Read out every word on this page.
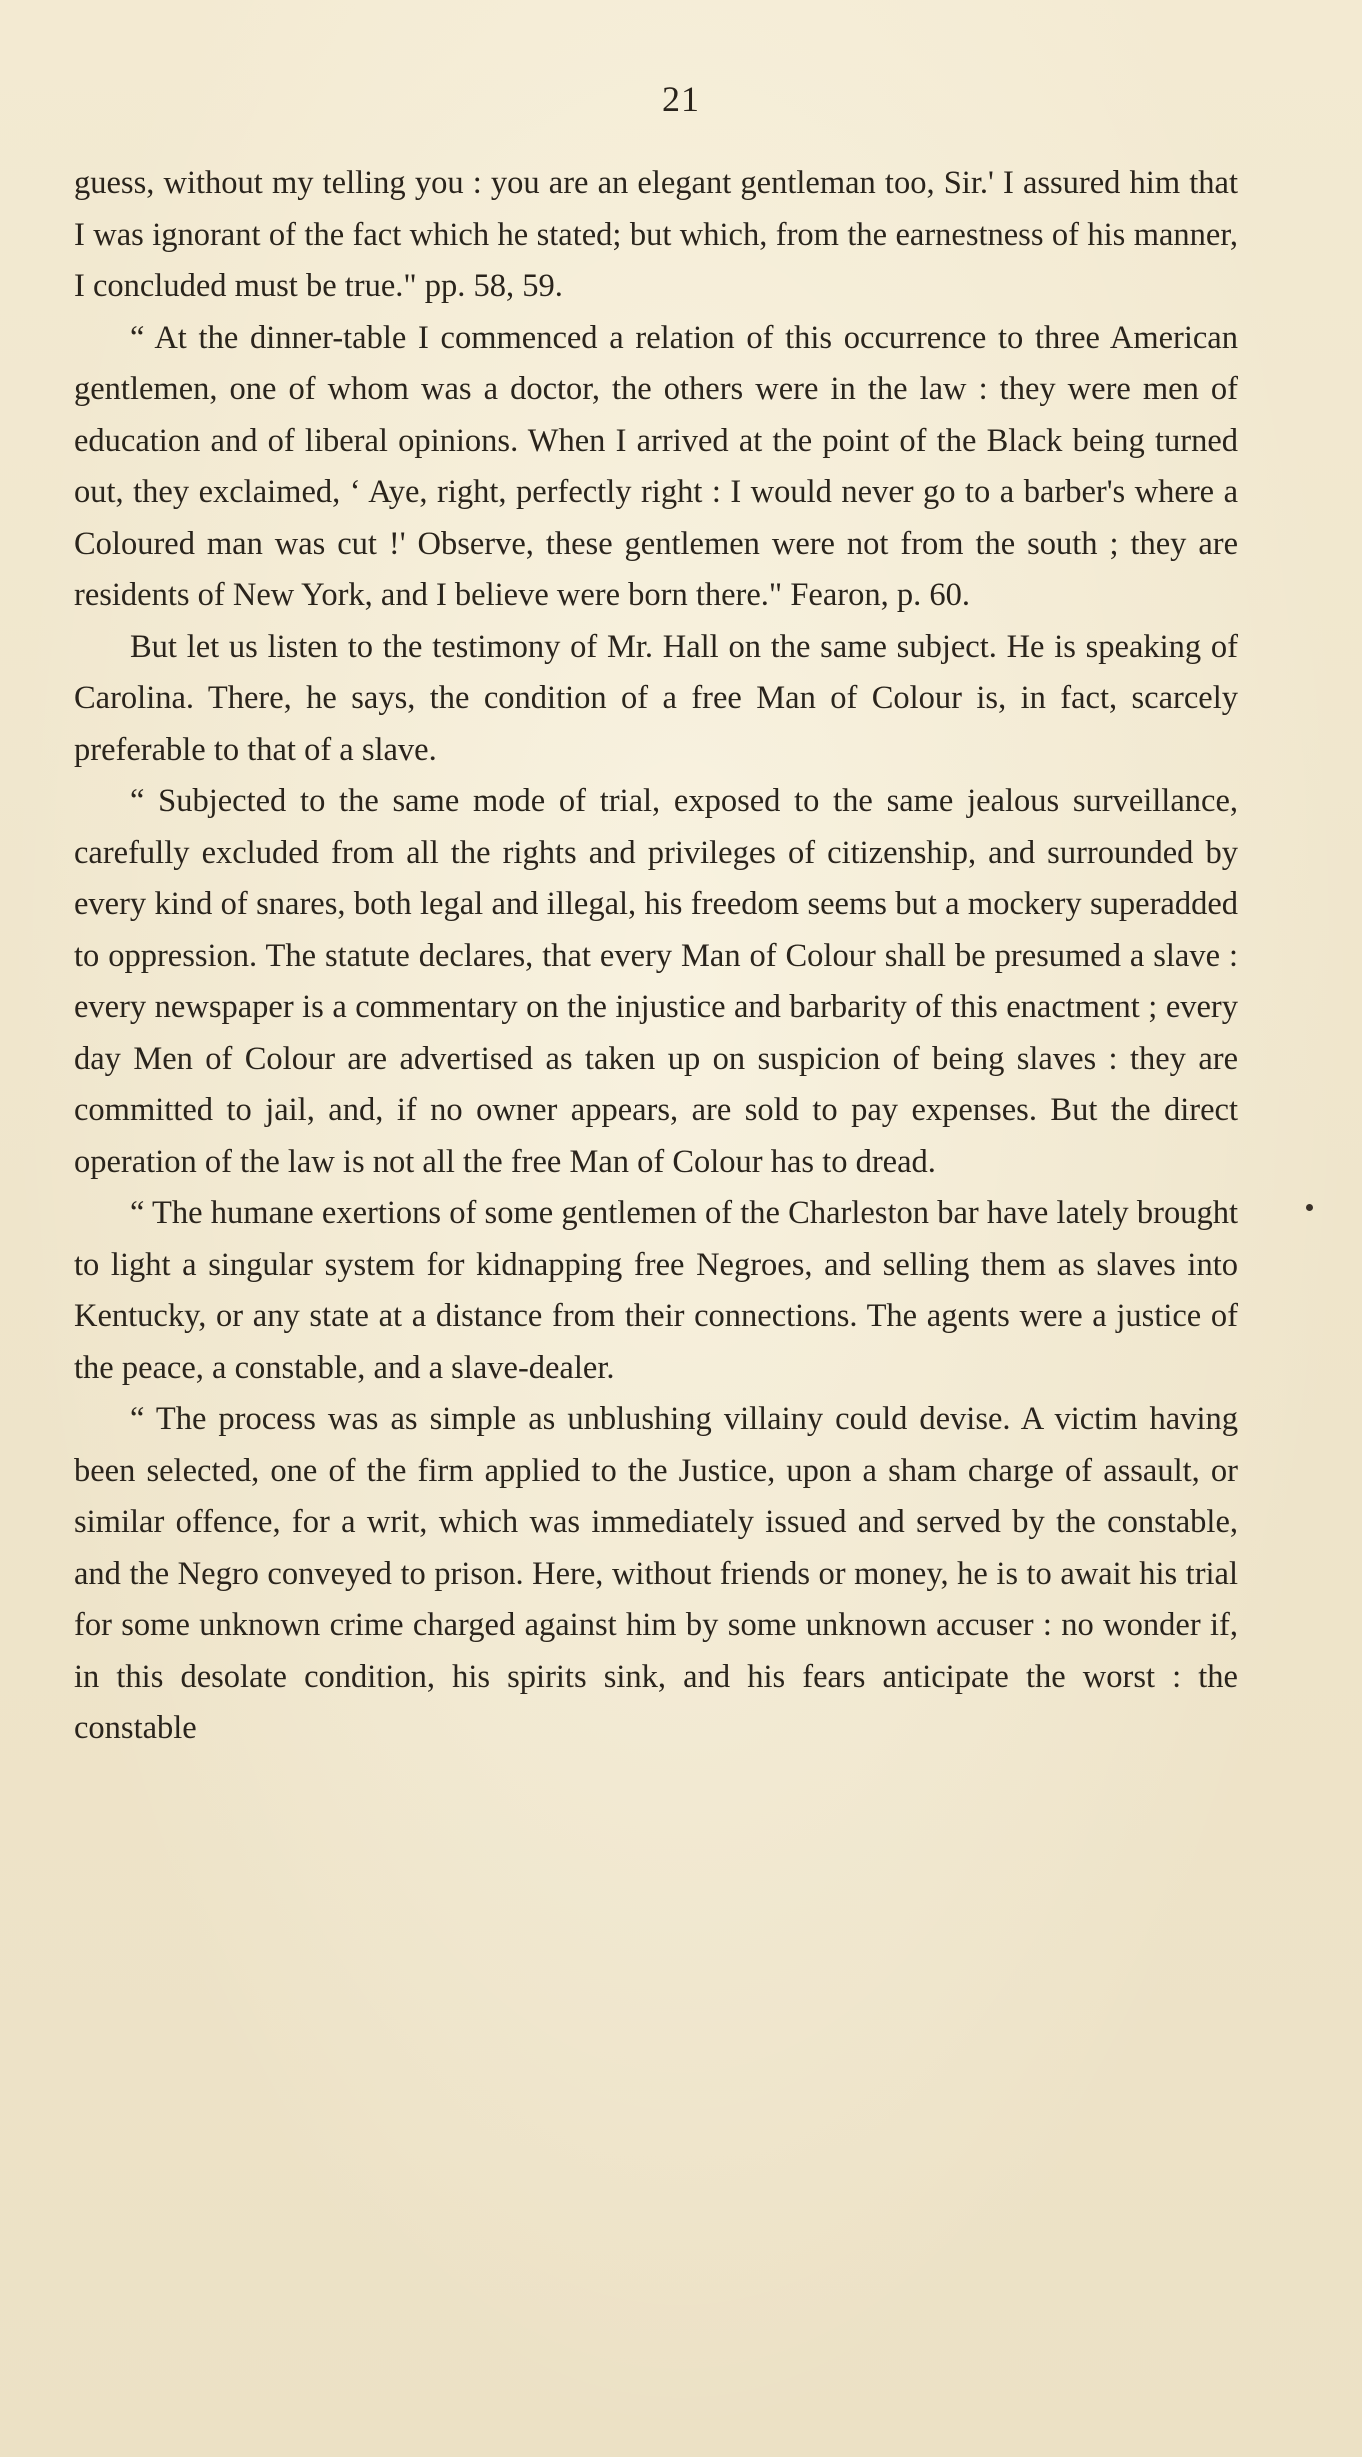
21

guess, without my telling you : you are an elegant gentleman too, Sir.' I assured him that I was ignorant of the fact which he stated; but which, from the earnestness of his manner, I concluded must be true." pp. 58, 59.

“ At the dinner-table I commenced a relation of this occurrence to three American gentlemen, one of whom was a doctor, the others were in the law : they were men of education and of liberal opinions. When I arrived at the point of the Black being turned out, they exclaimed, ‘ Aye, right, perfectly right : I would never go to a barber's where a Coloured man was cut !' Observe, these gentlemen were not from the south ; they are residents of New York, and I believe were born there." Fearon, p. 60.

But let us listen to the testimony of Mr. Hall on the same subject. He is speaking of Carolina. There, he says, the condition of a free Man of Colour is, in fact, scarcely preferable to that of a slave.

“ Subjected to the same mode of trial, exposed to the same jealous surveillance, carefully excluded from all the rights and privileges of citizenship, and surrounded by every kind of snares, both legal and illegal, his freedom seems but a mockery superadded to oppression. The statute declares, that every Man of Colour shall be presumed a slave : every newspaper is a commentary on the injustice and barbarity of this enactment ; every day Men of Colour are advertised as taken up on suspicion of being slaves : they are committed to jail, and, if no owner appears, are sold to pay expenses. But the direct operation of the law is not all the free Man of Colour has to dread.

“ The humane exertions of some gentlemen of the Charleston bar have lately brought to light a singular system for kidnapping free Negroes, and selling them as slaves into Kentucky, or any state at a distance from their connections. The agents were a justice of the peace, a constable, and a slave-dealer.

“ The process was as simple as unblushing villainy could devise. A victim having been selected, one of the firm applied to the Justice, upon a sham charge of assault, or similar offence, for a writ, which was immediately issued and served by the constable, and the Negro conveyed to prison. Here, without friends or money, he is to await his trial for some unknown crime charged against him by some unknown accuser : no wonder if, in this desolate condition, his spirits sink, and his fears anticipate the worst : the constable
